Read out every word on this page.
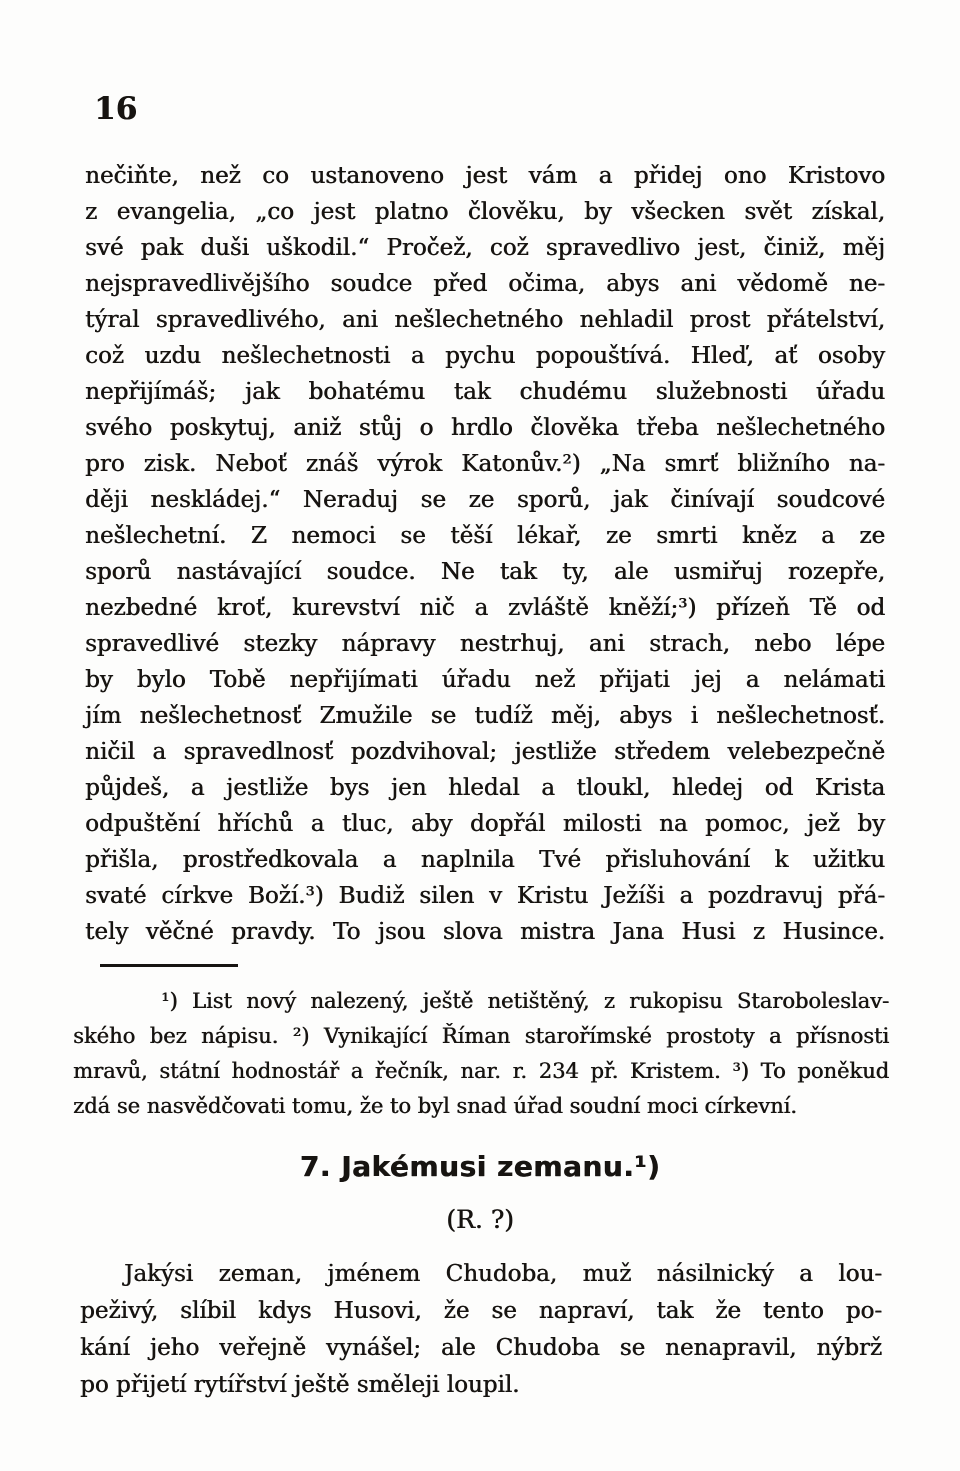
16
nečiňte, než co ustanoveno jest vám a přidej ono Kristovo
z evangelia, „co jest platno člověku, by všecken svět získal,
své pak duši uškodil.“ Pročež, což spravedlivo jest, činiž, měj
nejspravedlivějšího soudce před očima, abys ani vědomě ne-
týral spravedlivého, ani nešlechetného nehladil prost přátelství,
což uzdu nešlechetnosti a pychu popouštívá. Hleď, ať osoby
nepřijímáš; jak bohatému tak chudému služebnosti úřadu
svého poskytuj, aniž stůj o hrdlo člověka třeba nešlechetného
pro zisk. Neboť znáš výrok Katonův.²) „Na smrť bližního na-
ději neskládej.“ Neraduj se ze sporů, jak činívají soudcové
nešlechetní. Z nemoci se těší lékař, ze smrti kněz a ze
sporů nastávající soudce. Ne tak ty, ale usmiřuj rozepře,
nezbedné kroť, kurevství nič a zvláště kněží;³) přízeň Tě od
spravedlivé stezky nápravy nestrhuj, ani strach, nebo lépe
by bylo Tobě nepřijímati úřadu než přijati jej a nelámati
jím nešlechetnosť Zmužile se tudíž měj, abys i nešlechetnosť.
ničil a spravedlnosť pozdvihoval; jestliže středem velebezpečně
půjdeš, a jestliže bys jen hledal a tloukl, hledej od Krista
odpuštění hříchů a tluc, aby dopřál milosti na pomoc, jež by
přišla, prostředkovala a naplnila Tvé přisluhování k užitku
svaté církve Boží.³) Budiž silen v Kristu Ježíši a pozdravuj přá-
tely věčné pravdy. To jsou slova mistra Jana Husi z Husince.
¹) List nový nalezený, ještě netištěný, z rukopisu Staroboleslav-
ského bez nápisu. ²) Vynikající Říman starořímské prostoty a přísnosti
mravů, státní hodnostář a řečník, nar. r. 234 př. Kristem. ³) To poněkud
zdá se nasvědčovati tomu, že to byl snad úřad soudní moci církevní.
7. Jakémusi zemanu.¹)
(R. ?)
Jakýsi zeman, jménem Chudoba, muž násilnický a lou-
peživý, slíbil kdys Husovi, že se napraví, tak že tento po-
kání jeho veřejně vynášel; ale Chudoba se nenapravil, nýbrž
po přijetí rytířství ještě směleji loupil.
